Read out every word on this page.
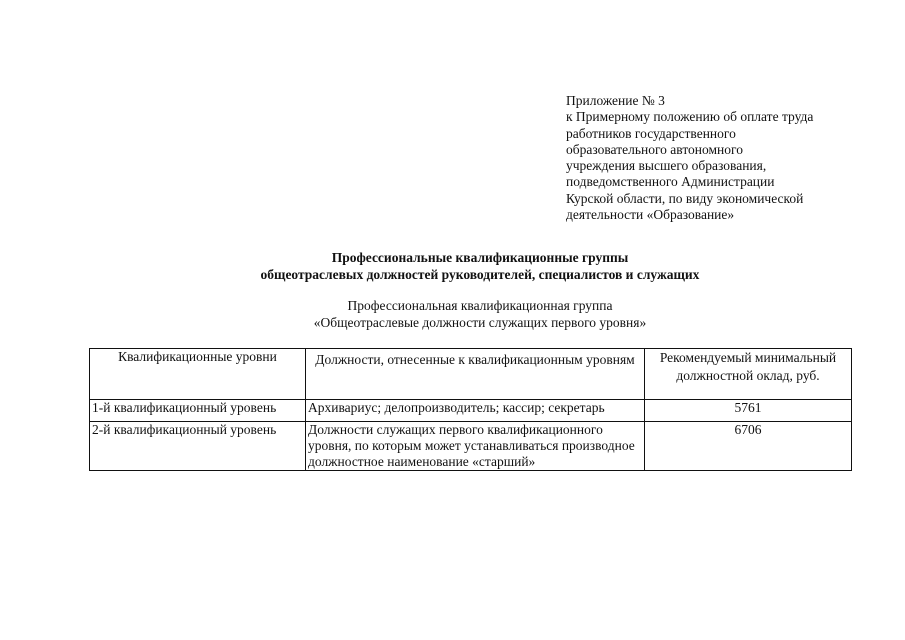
Приложение № 3
к Примерному положению об оплате труда
работников государственного
образовательного автономного
учреждения высшего образования,
подведомственного Администрации
Курской области, по виду экономической
деятельности «Образование»
Профессиональные квалификационные группы
общеотраслевых должностей руководителей, специалистов и служащих
Профессиональная квалификационная группа
«Общеотраслевые должности служащих первого уровня»
Квалификационные уровни	Должности, отнесенные к квалификационным уровням	Рекомендуемый минимальный должностной оклад, руб.
1-й квалификационный уровень	Архивариус; делопроизводитель; кассир; секретарь	5761
2-й квалификационный уровень	Должности служащих первого квалификационного уровня, по которым может устанавливаться производное должностное наименование «старший»	6706
